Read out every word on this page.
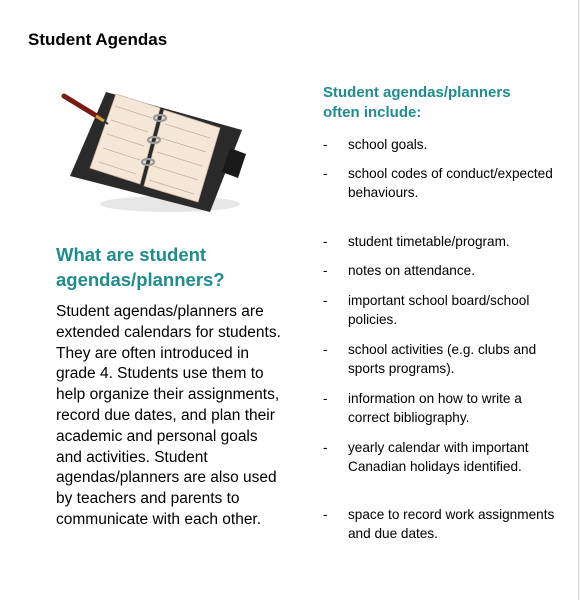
Student Agendas
What are student agendas/planners?

Student agendas/planners are extended calendars for students. They are often introduced in grade 4. Students use them to help organize their assignments, record due dates, and plan their academic and personal goals and activities. Student agendas/planners are also used by teachers and parents to communicate with each other.

Student agendas/planners often include:
-	school goals.
-	school codes of conduct/expected behaviours.
-	student timetable/program.
-	notes on attendance.
-	important school board/school policies.
-	school activities (e.g. clubs and sports programs).
-	information on how to write a correct bibliography.
-	yearly calendar with important Canadian holidays identified.
-	space to record work assignments and due dates.
